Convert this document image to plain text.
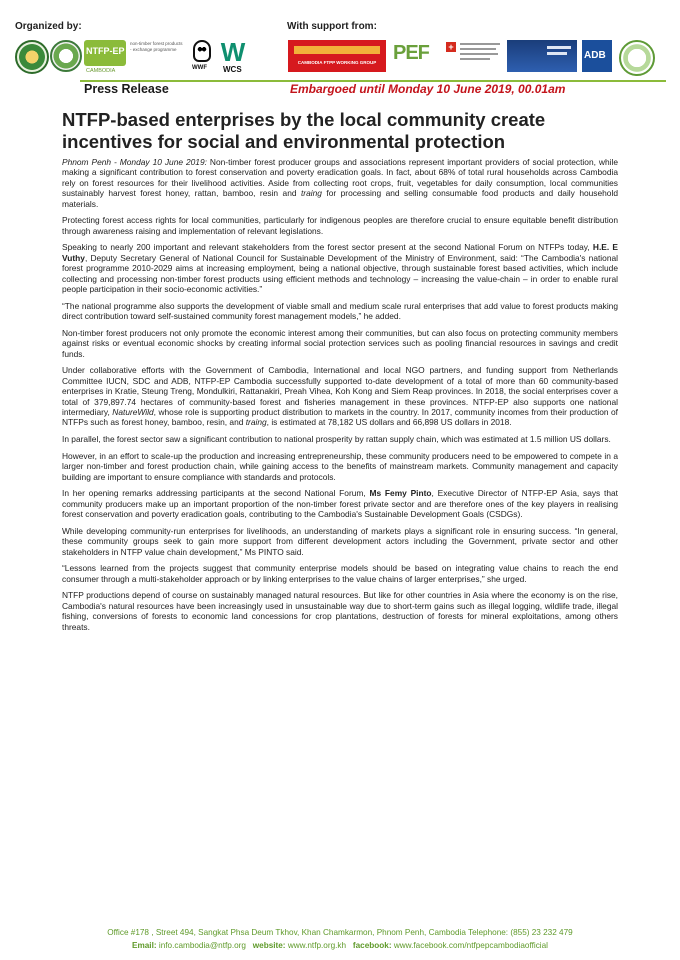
Organized by:	With support from:
NTFP-EP
non-timber forest products - exchange programme
CAMBODIA	WWF
W
WCS
CAMBODIA FTPP WORKING GROUP PEF +
ADB
Press Release	Embargoed until Monday 10 June 2019, 00.01am
NTFP-based enterprises by the local community create incentives for social and environmental protection

Phnom Penh - Monday 10 June 2019: Non-timber forest producer groups and associations represent important providers of social protection, while making a significant contribution to forest conservation and poverty eradication goals. In fact, about 68% of total rural households across Cambodia rely on forest resources for their livelihood activities. Aside from collecting root crops, fruit, vegetables for daily consumption, local communities sustainably harvest forest honey, rattan, bamboo, resin and traing for processing and selling consumable food products and daily household materials.

Protecting forest access rights for local communities, particularly for indigenous peoples are therefore crucial to ensure equitable benefit distribution through awareness raising and implementation of relevant legislations.

Speaking to nearly 200 important and relevant stakeholders from the forest sector present at the second National Forum on NTFPs today, H.E. E Vuthy, Deputy Secretary General of National Council for Sustainable Development of the Ministry of Environment, said: “The Cambodia's national forest programme 2010-2029 aims at increasing employment, being a national objective, through sustainable forest based activities, which include collecting and processing non-timber forest products using efficient methods and technology – increasing the value-chain – in order to enable rural people participation in their socio-economic activities.”

“The national programme also supports the development of viable small and medium scale rural enterprises that add value to forest products making direct contribution toward self-sustained community forest management models,” he added.

Non-timber forest producers not only promote the economic interest among their communities, but can also focus on protecting community members against risks or eventual economic shocks by creating informal social protection services such as pooling financial resources in savings and credit funds.

Under collaborative efforts with the Government of Cambodia, International and local NGO partners, and funding support from Netherlands Committee IUCN, SDC and ADB, NTFP-EP Cambodia successfully supported to-date development of a total of more than 60 community-based enterprises in Kratie, Steung Treng, Mondulkiri, Rattanakiri, Preah Vihea, Koh Kong and Siem Reap provinces. In 2018, the social enterprises cover a total of 379,897.74 hectares of community-based forest and fisheries management in these provinces. NTFP-EP also supports one national intermediary, NatureWild, whose role is supporting product distribution to markets in the country. In 2017, community incomes from their production of NTFPs such as forest honey, bamboo, resin, and traing, is estimated at 78,182 US dollars and 66,898 US dollars in 2018.

In parallel, the forest sector saw a significant contribution to national prosperity by rattan supply chain, which was estimated at 1.5 million US dollars.

However, in an effort to scale-up the production and increasing entrepreneurship, these community producers need to be empowered to compete in a larger non-timber and forest production chain, while gaining access to the benefits of mainstream markets. Community management and capacity building are important to ensure compliance with standards and protocols.

In her opening remarks addressing participants at the second National Forum, Ms Femy Pinto, Executive Director of NTFP-EP Asia, says that community producers make up an important proportion of the non-timber forest private sector and are therefore ones of the key players in realising forest conservation and poverty eradication goals, contributing to the Cambodia's Sustainable Development Goals (CSDGs).

While developing community-run enterprises for livelihoods, an understanding of markets plays a significant role in ensuring success. “In general, these community groups seek to gain more support from different development actors including the Government, private sector and other stakeholders in NTFP value chain development,” Ms PINTO said.

“Lessons learned from the projects suggest that community enterprise models should be based on integrating value chains to reach the end consumer through a multi-stakeholder approach or by linking enterprises to the value chains of larger enterprises,” she urged.

NTFP productions depend of course on sustainably managed natural resources. But like for other countries in Asia where the economy is on the rise, Cambodia's natural resources have been increasingly used in unsustainable way due to short-term gains such as illegal logging, wildlife trade, illegal fishing, conversions of forests to economic land concessions for crop plantations, destruction of forests for mineral exploitations, among others threats.

Office #178 , Street 494, Sangkat Phsa Deum Tkhov, Khan Chamkarmon, Phnom Penh, Cambodia Telephone: (855) 23 232 479
Email: info.cambodia@ntfp.org website: www.ntfp.org.kh facebook: www.facebook.com/ntfpepcambodiaofficial
